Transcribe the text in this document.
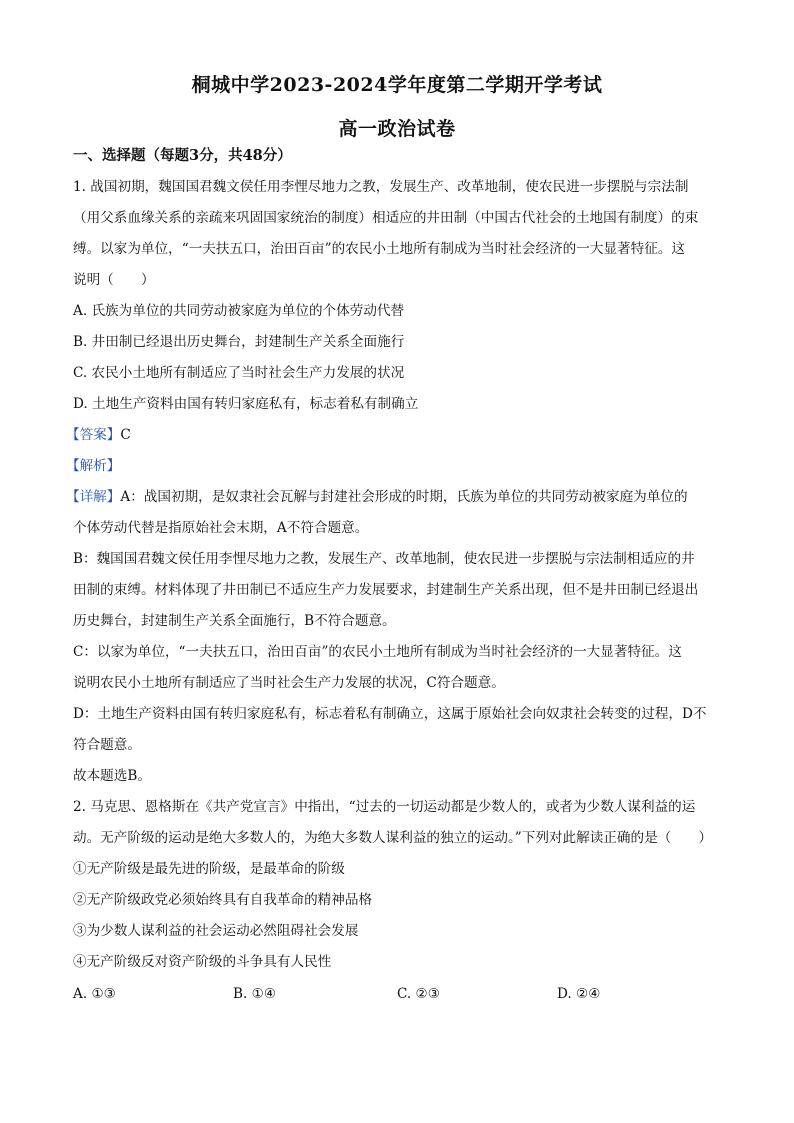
桐城中学2023-2024学年度第二学期开学考试
高一政治试卷
一、选择题（每题3分，共48分）
1. 战国初期，魏国国君魏文侯任用李悝尽地力之教，发展生产、改革地制，使农民进一步摆脱与宗法制
（用父系血缘关系的亲疏来巩固国家统治的制度）相适应的井田制（中国古代社会的土地国有制度）的束
缚。以家为单位，“一夫扶五口，治田百亩”的农民小土地所有制成为当时社会经济的一大显著特征。这
说明（　　）
A. 氏族为单位的共同劳动被家庭为单位的个体劳动代替
B. 井田制已经退出历史舞台，封建制生产关系全面施行
C. 农民小土地所有制适应了当时社会生产力发展的状况
D. 土地生产资料由国有转归家庭私有，标志着私有制确立
【答案】C
【解析】
【详解】A：战国初期，是奴隶社会瓦解与封建社会形成的时期，氏族为单位的共同劳动被家庭为单位的
个体劳动代替是指原始社会末期，A不符合题意。
B：魏国国君魏文侯任用李悝尽地力之教，发展生产、改革地制，使农民进一步摆脱与宗法制相适应的井
田制的束缚。材料体现了井田制已不适应生产力发展要求，封建制生产关系出现，但不是井田制已经退出
历史舞台，封建制生产关系全面施行，B不符合题意。
C：以家为单位，“一夫扶五口，治田百亩”的农民小土地所有制成为当时社会经济的一大显著特征。这
说明农民小土地所有制适应了当时社会生产力发展的状况，C符合题意。
D：土地生产资料由国有转归家庭私有，标志着私有制确立，这属于原始社会向奴隶社会转变的过程，D不
符合题意。
故本题选B。
2. 马克思、恩格斯在《共产党宣言》中指出，“过去的一切运动都是少数人的，或者为少数人谋利益的运
动。无产阶级的运动是绝大多数人的，为绝大多数人谋利益的独立的运动。”下列对此解读正确的是（　　）
①无产阶级是最先进的阶级，是最革命的阶级
②无产阶级政党必须始终具有自我革命的精神品格
③为少数人谋利益的社会运动必然阻碍社会发展
④无产阶级反对资产阶级的斗争具有人民性
A. ①③	B. ①④	C. ②③	D. ②④
